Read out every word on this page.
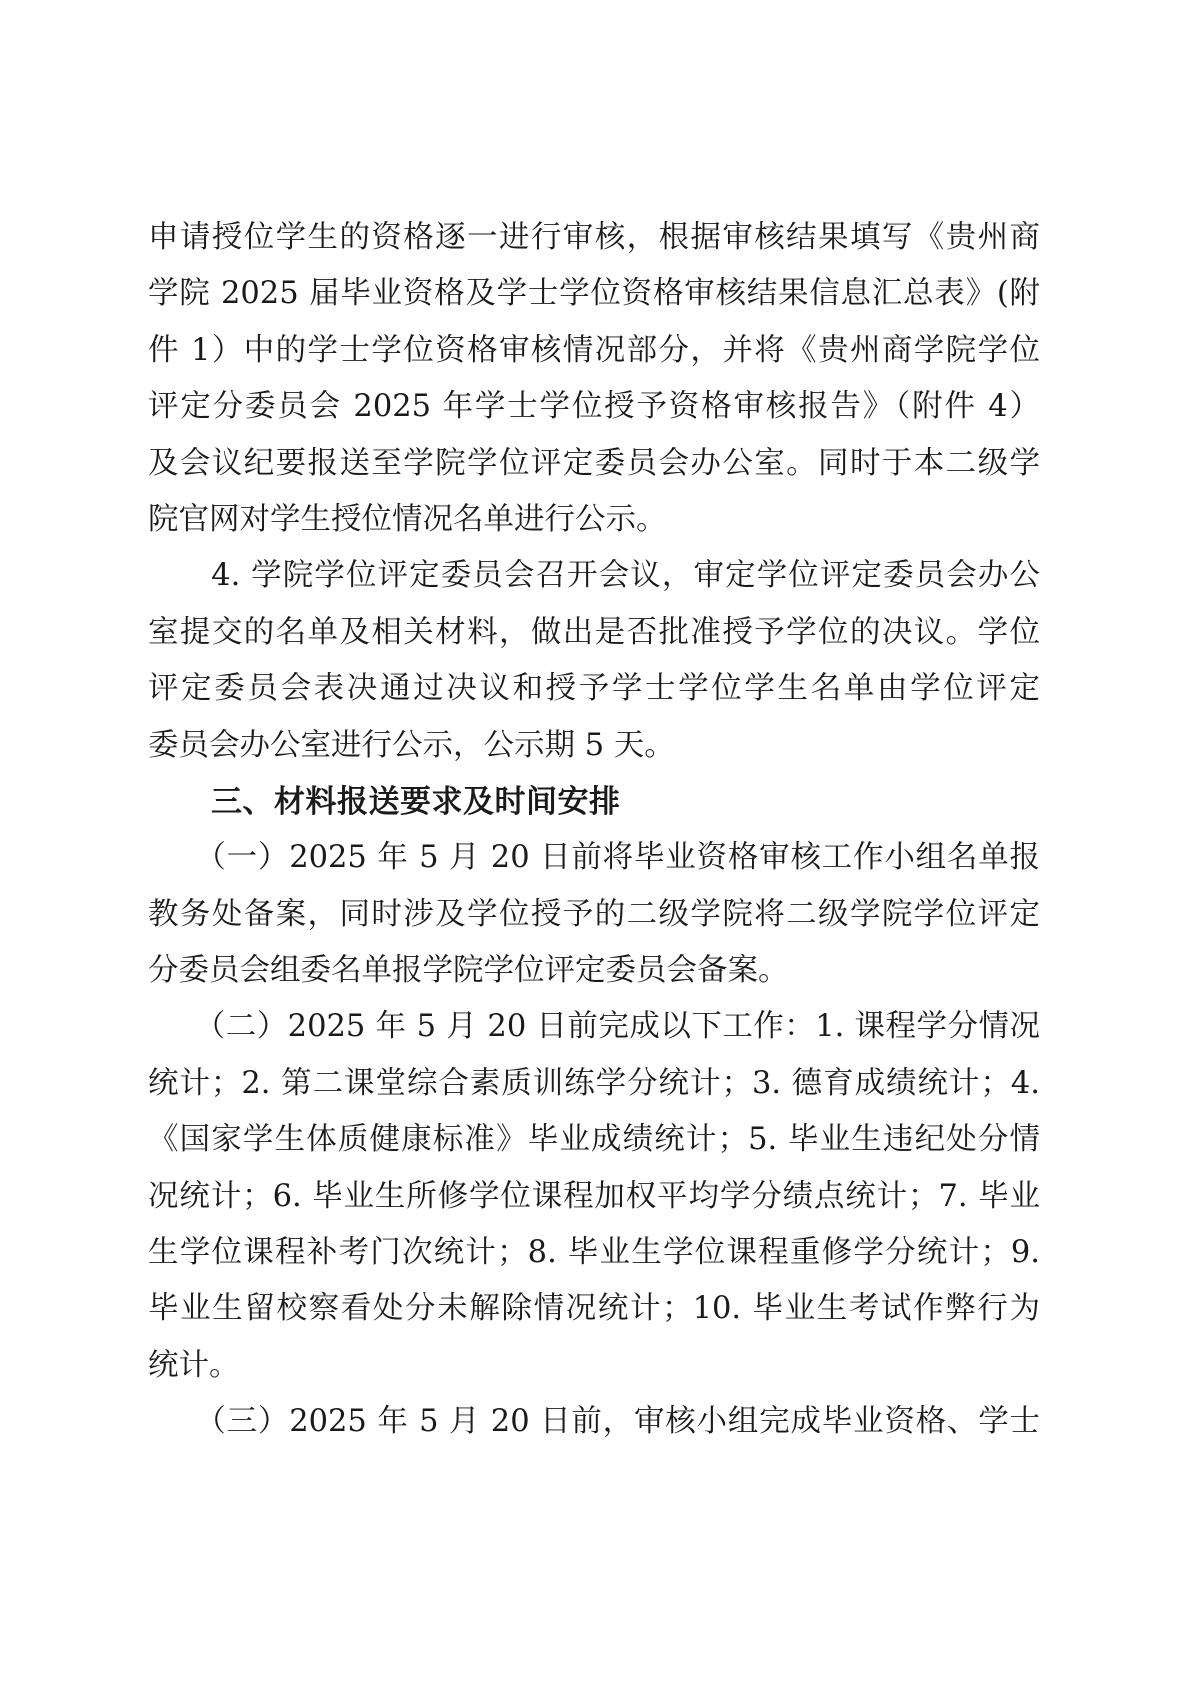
申请授位学生的资格逐一进行审核，根据审核结果填写《贵州商
学院 2025 届毕业资格及学士学位资格审核结果信息汇总表》(附
件 1）中的学士学位资格审核情况部分，并将《贵州商学院学位
评定分委员会 2025 年学士学位授予资格审核报告》（附件 4）
及会议纪要报送至学院学位评定委员会办公室。同时于本二级学
院官网对学生授位情况名单进行公示。
　　4. 学院学位评定委员会召开会议，审定学位评定委员会办公
室提交的名单及相关材料，做出是否批准授予学位的决议。学位
评定委员会表决通过决议和授予学士学位学生名单由学位评定
委员会办公室进行公示，公示期 5 天。
　　三、材料报送要求及时间安排
　　（一）2025 年 5 月 20 日前将毕业资格审核工作小组名单报
教务处备案，同时涉及学位授予的二级学院将二级学院学位评定
分委员会组委名单报学院学位评定委员会备案。
　　（二）2025 年 5 月 20 日前完成以下工作：1. 课程学分情况
统计；2. 第二课堂综合素质训练学分统计；3. 德育成绩统计；4.
《国家学生体质健康标准》毕业成绩统计；5. 毕业生违纪处分情
况统计；6. 毕业生所修学位课程加权平均学分绩点统计；7. 毕业
生学位课程补考门次统计；8. 毕业生学位课程重修学分统计；9.
毕业生留校察看处分未解除情况统计；10. 毕业生考试作弊行为
统计。
　　（三）2025 年 5 月 20 日前，审核小组完成毕业资格、学士
